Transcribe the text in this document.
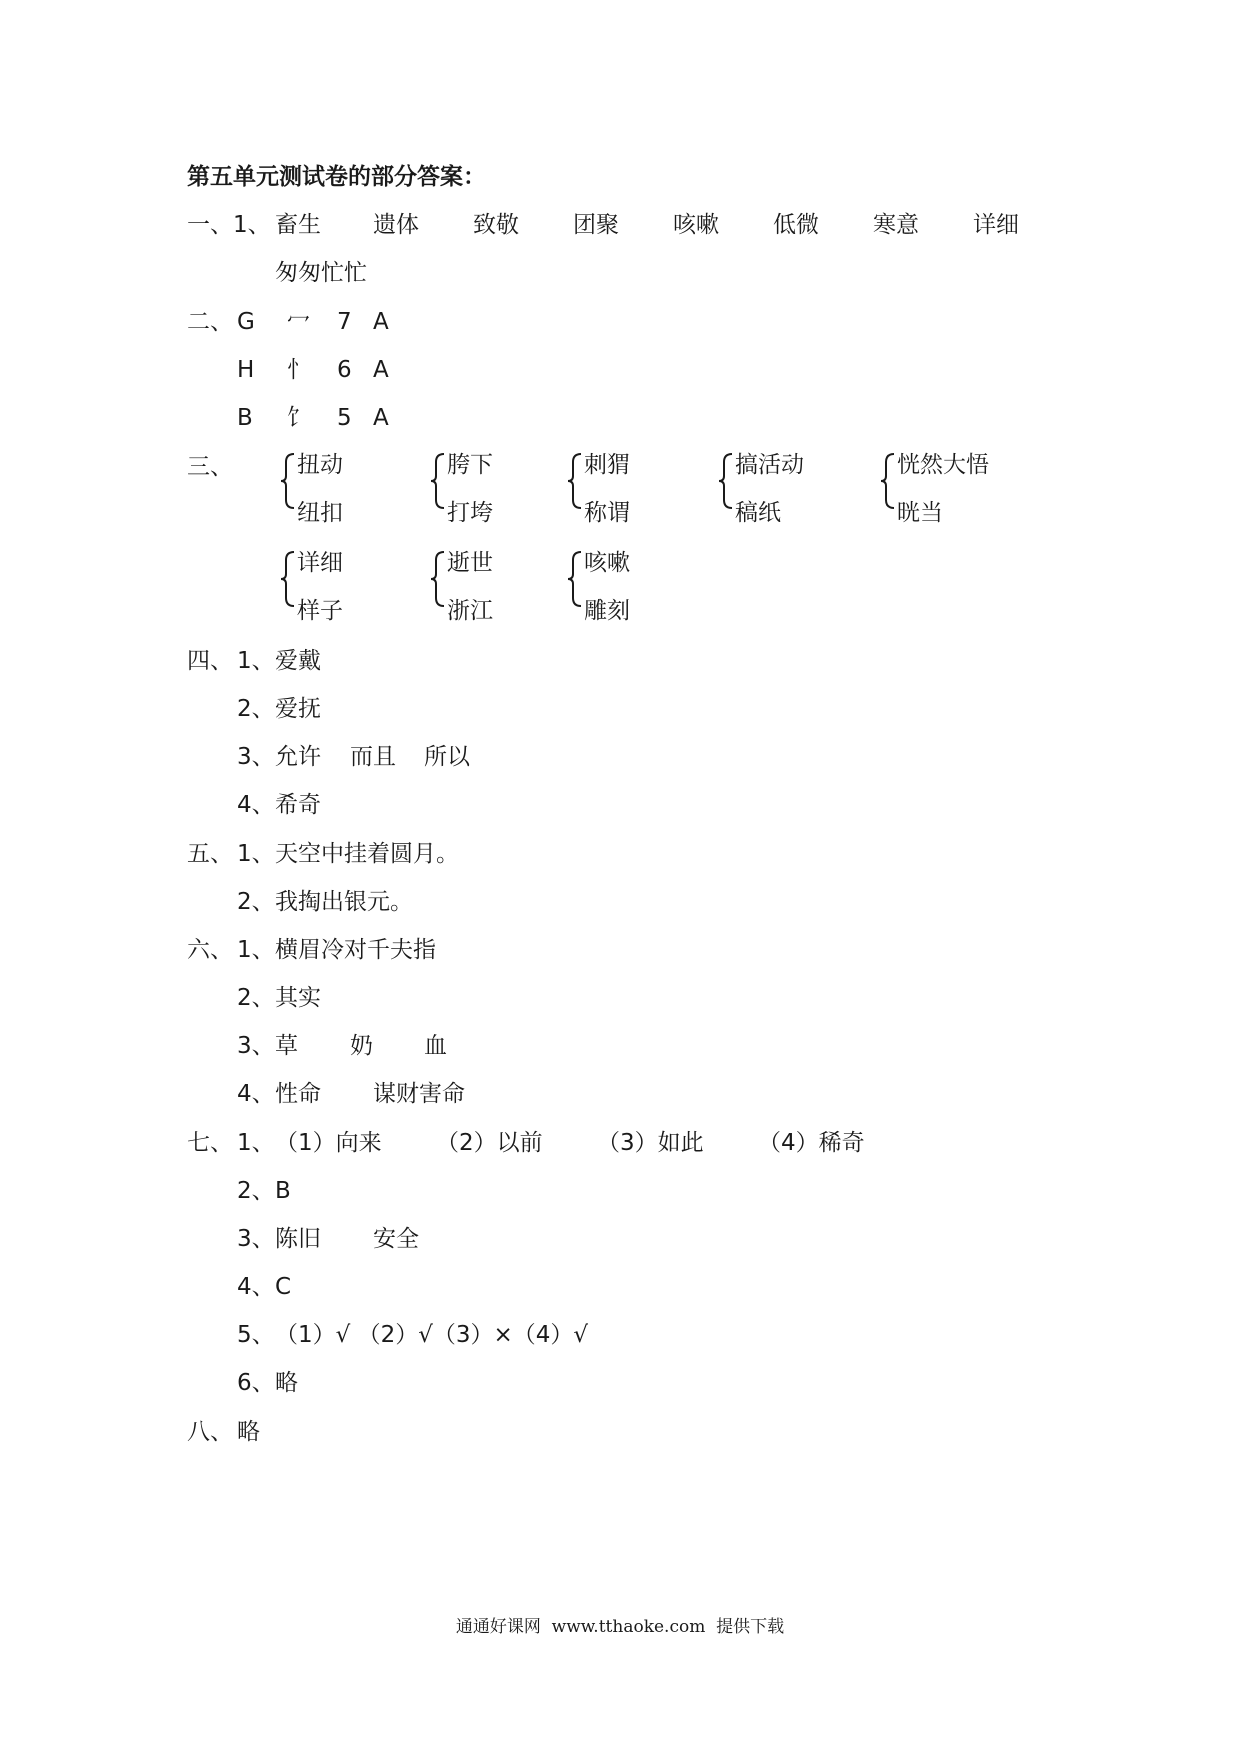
第五单元测试卷的部分答案：
一、1、 畜生 遗体 致敬 团聚 咳嗽 低微 寒意 详细
匆匆忙忙
二、 G 冖 7 A
H 忄 6 A
B 饣 5 A
三、	扭动
纽扣
胯下
打垮
刺猬
称谓
搞活动
稿纸
恍然大悟
晄当
详细
样子
逝世
浙江
咳嗽
雕刻
四、 1、 爱戴
2、 爱抚
3、 允许 而且 所以
4、 希奇
五、 1、 天空中挂着圆月。
2、 我掏出银元。
六、 1、 横眉冷对千夫指
2、 其实
3、 草 奶 血
4、 性命 谋财害命
七、 1、 （1）向来 （2）以前 （3）如此 （4）稀奇
2、 B
3、 陈旧 安全
4、 C
5、 （1）√ （2）√（3）×（4）√
6、 略
八、 略
通通好课网  www.tthaoke.com  提供下载
